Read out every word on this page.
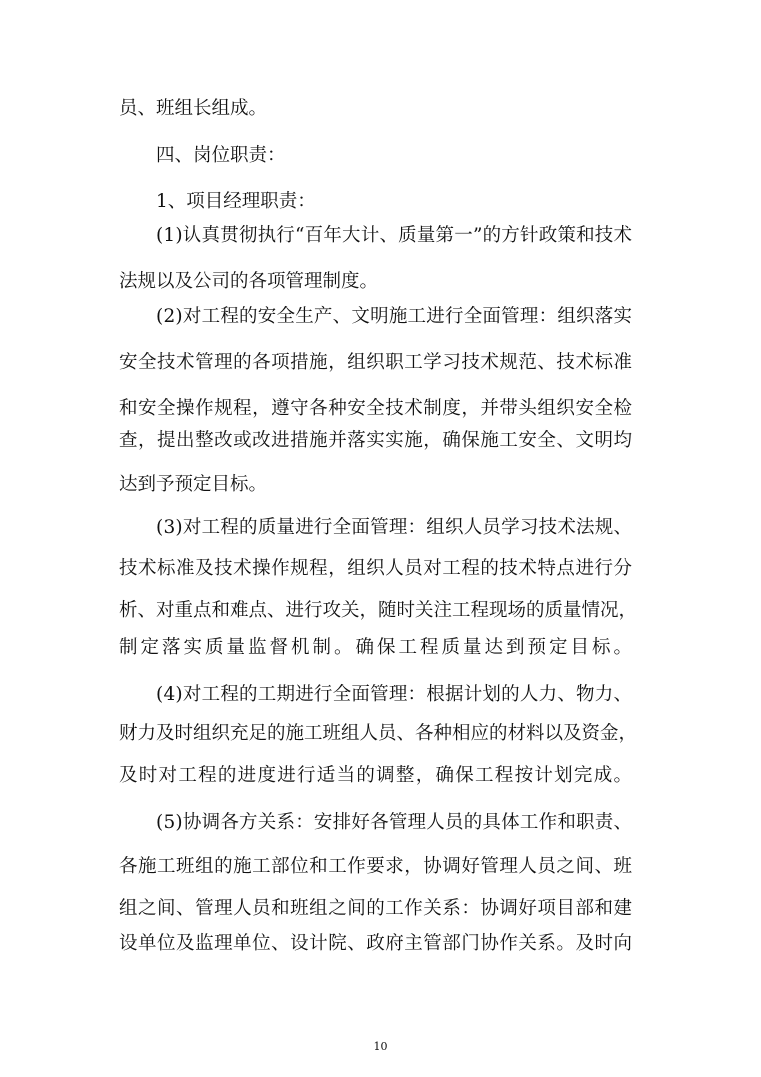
员、班组长组成。
四、岗位职责：
1、项目经理职责：
(1)认真贯彻执行“百年大计、质量第一”的方针政策和技术
法规以及公司的各项管理制度。
(2)对工程的安全生产、文明施工进行全面管理：组织落实
安全技术管理的各项措施，组织职工学习技术规范、技术标准
和安全操作规程，遵守各种安全技术制度，并带头组织安全检
查，提出整改或改进措施并落实实施，确保施工安全、文明均
达到予预定目标。
(3)对工程的质量进行全面管理：组织人员学习技术法规、
技术标准及技术操作规程，组织人员对工程的技术特点进行分
析、对重点和难点、进行攻关，随时关注工程现场的质量情况，
制定落实质量监督机制。确保工程质量达到预定目标。
(4)对工程的工期进行全面管理：根据计划的人力、物力、
财力及时组织充足的施工班组人员、各种相应的材料以及资金，
及时对工程的进度进行适当的调整，确保工程按计划完成。
(5)协调各方关系：安排好各管理人员的具体工作和职责、
各施工班组的施工部位和工作要求，协调好管理人员之间、班
组之间、管理人员和班组之间的工作关系：协调好项目部和建
设单位及监理单位、设计院、政府主管部门协作关系。及时向
10
